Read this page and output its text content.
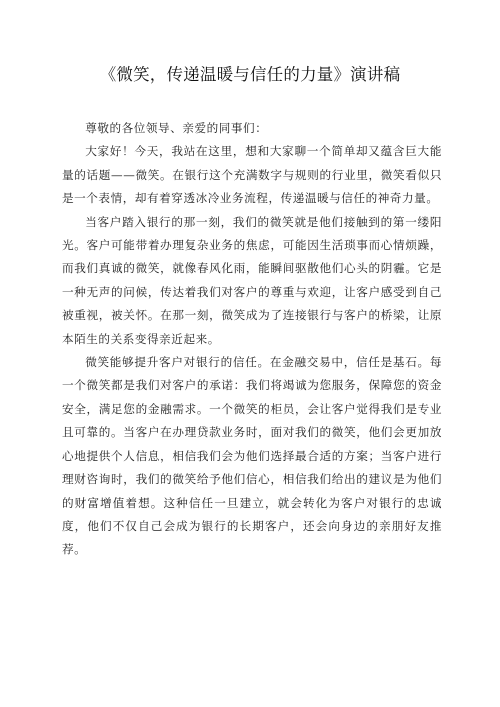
《微笑，传递温暖与信任的力量》演讲稿

尊敬的各位领导、亲爱的同事们：

大家好！今天，我站在这里，想和大家聊一个简单却又蕴含巨大能量的话题——微笑。在银行这个充满数字与规则的行业里，微笑看似只是一个表情，却有着穿透冰冷业务流程，传递温暖与信任的神奇力量。

当客户踏入银行的那一刻，我们的微笑就是他们接触到的第一缕阳光。客户可能带着办理复杂业务的焦虑，可能因生活琐事而心情烦躁，而我们真诚的微笑，就像春风化雨，能瞬间驱散他们心头的阴霾。它是一种无声的问候，传达着我们对客户的尊重与欢迎，让客户感受到自己被重视，被关怀。在那一刻，微笑成为了连接银行与客户的桥梁，让原本陌生的关系变得亲近起来。

微笑能够提升客户对银行的信任。在金融交易中，信任是基石。每一个微笑都是我们对客户的承诺：我们将竭诚为您服务，保障您的资金安全，满足您的金融需求。一个微笑的柜员，会让客户觉得我们是专业且可靠的。当客户在办理贷款业务时，面对我们的微笑，他们会更加放心地提供个人信息，相信我们会为他们选择最合适的方案；当客户进行理财咨询时，我们的微笑给予他们信心，相信我们给出的建议是为他们的财富增值着想。这种信任一旦建立，就会转化为客户对银行的忠诚度，他们不仅自己会成为银行的长期客户，还会向身边的亲朋好友推荐。
